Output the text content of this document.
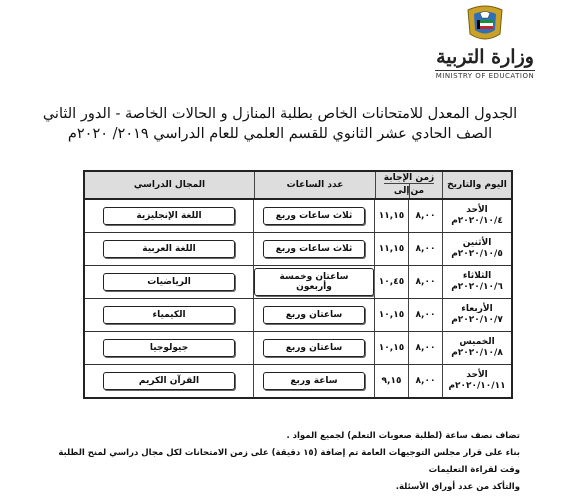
وزارة التربية
MINISTRY OF EDUCATION
الجدول المعدل للامتحانات الخاص بطلبة المنازل و الحالات الخاصة - الدور الثاني
الصف الحادي عشر الثانوي للقسم العلمي للعام الدراسي ٢٠١٩/ ٢٠٢٠م
اليوم والتاريخ
زمن الإجابة
من
إلى
عدد الساعات
المجال الدراسي
الأحد
٢٠٢٠/١٠/٤م
٨,٠٠
١١,١٥
ثلاث ساعات وربع
اللغة الإنجليزية
الأثنين
٢٠٢٠/١٠/٥م
٨,٠٠
١١,١٥
ثلاث ساعات وربع
اللغة العربية
الثلاثاء
٢٠٢٠/١٠/٦م
٨,٠٠
١٠,٤٥
ساعتان وخمسة وأربعون
الرياضيات
الأربعاء
٢٠٢٠/١٠/٧م
٨,٠٠
١٠,١٥
ساعتان وربع
الكيمياء
الخميس
٢٠٢٠/١٠/٨م
٨,٠٠
١٠,١٥
ساعتان وربع
جيولوجيا
الأحد
٢٠٢٠/١٠/١١م
٨,٠٠
٩,١٥
ساعة وربع
القرآن الكريم
تضاف نصف ساعة (لطلبة صعوبات التعلم) لجميع المواد .
بناء على قرار مجلس التوجيهات العامة تم إضافة (١٥ دقيقة) على زمن الامتحانات لكل مجال دراسي لمنح الطلبة وقت لقراءة التعليمات
والتأكد من عدد أوراق الأسئلة.
